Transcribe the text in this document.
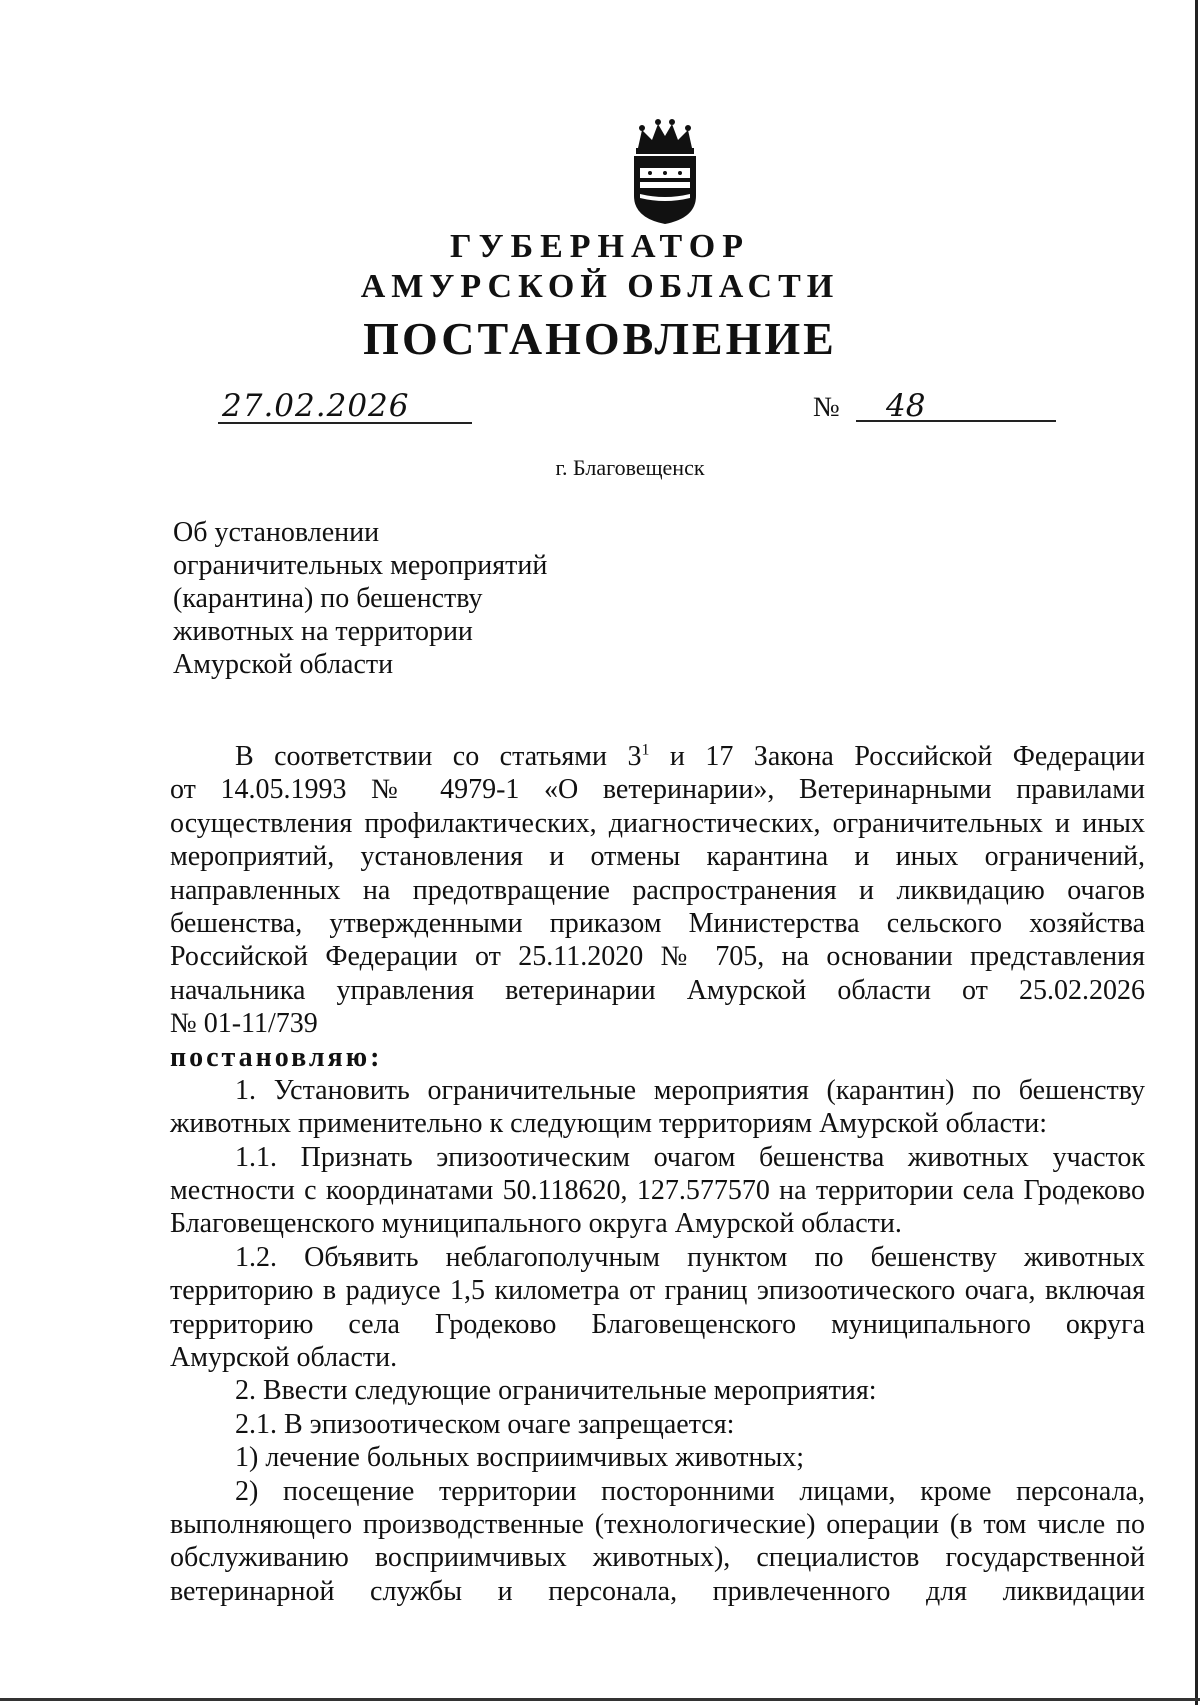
ГУБЕРНАТОР
АМУРСКОЙ ОБЛАСТИ
ПОСТАНОВЛЕНИЕ
27.02.2026	№	48
г. Благовещенск
Об установлении
ограничительных мероприятий
(карантина) по бешенству
животных на территории
Амурской области
В соответствии со статьями $3^1$ и 17 Закона Российской Федерации
от 14.05.1993 № 4979-1 «О ветеринарии», Ветеринарными правилами
осуществления профилактических, диагностических, ограничительных и иных
мероприятий, установления и отмены карантина и иных ограничений,
направленных на предотвращение распространения и ликвидацию очагов
бешенства, утвержденными приказом Министерства сельского хозяйства
Российской Федерации от 25.11.2020 № 705, на основании представления
начальника управления ветеринарии Амурской области от 25.02.2026
№ 01-11/739
постановляю:
1. Установить ограничительные мероприятия (карантин) по бешенству
животных применительно к следующим территориям Амурской области:
1.1. Признать эпизоотическим очагом бешенства животных участок
местности с координатами 50.118620, 127.577570 на территории села Гродеково
Благовещенского муниципального округа Амурской области.
1.2. Объявить неблагополучным пунктом по бешенству животных
территорию в радиусе 1,5 километра от границ эпизоотического очага, включая
территорию села Гродеково Благовещенского муниципального округа
Амурской области.
2. Ввести следующие ограничительные мероприятия:
2.1. В эпизоотическом очаге запрещается:
1) лечение больных восприимчивых животных;
2) посещение территории посторонними лицами, кроме персонала,
выполняющего производственные (технологические) операции (в том числе по
обслуживанию восприимчивых животных), специалистов государственной
ветеринарной службы и персонала, привлеченного для ликвидации
